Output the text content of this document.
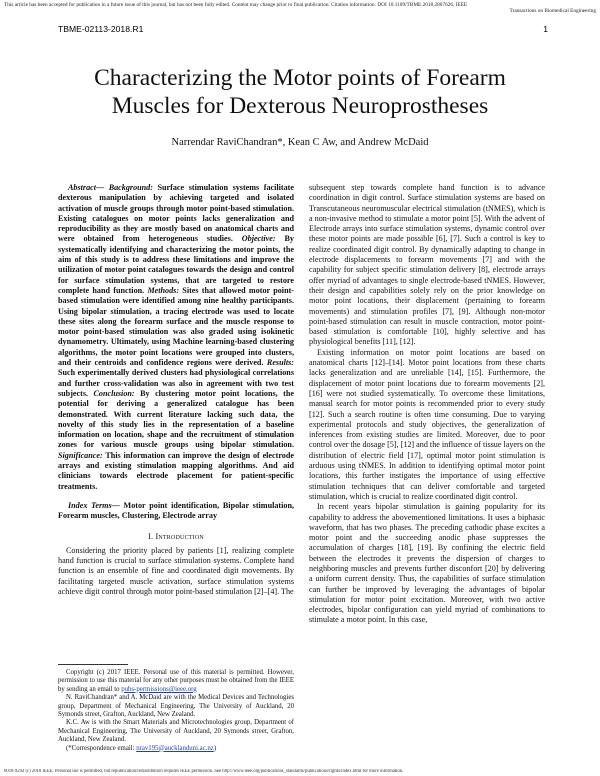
This article has been accepted for publication in a future issue of this journal, but has not been fully edited. Content may change prior to final publication. Citation information: DOI 10.1109/TBME.2018.2807626, IEEE
Transactions on Biomedical Engineering
TBME-02113-2018.R1	1
Characterizing the Motor points of Forearm Muscles for Dexterous Neuroprostheses
Narrendar RaviChandran*, Kean C Aw, and Andrew McDaid

Abstract— Background: Surface stimulation systems facilitate dexterous manipulation by achieving targeted and isolated activation of muscle groups through motor point-based stimulation. Existing catalogues on motor points lacks generalization and reproducibility as they are mostly based on anatomical charts and were obtained from heterogeneous studies. Objective: By systematically identifying and characterizing the motor points, the aim of this study is to address these limitations and improve the utilization of motor point catalogues towards the design and control for surface stimulation systems, that are targeted to restore complete hand function. Methods: Sites that allowed motor point-based stimulation were identified among nine healthy participants. Using bipolar stimulation, a tracing electrode was used to locate these sites along the forearm surface and the muscle response to motor point-based stimulation was also graded using isokinetic dynamometry. Ultimately, using Machine learning-based clustering algorithms, the motor point locations were grouped into clusters, and their centroids and confidence regions were derived. Results: Such experimentally derived clusters had physiological correlations and further cross-validation was also in agreement with two test subjects. Conclusion: By clustering motor point locations, the potential for deriving a generalized catalogue has been demonstrated. With current literature lacking such data, the novelty of this study lies in the representation of a baseline information on location, shape and the recruitment of stimulation zones for various muscle groups using bipolar stimulation. Significance: This information can improve the design of electrode arrays and existing stimulation mapping algorithms. And aid clinicians towards electrode placement for patient-specific treatments.

Index Terms— Motor point identification, Bipolar stimulation, Forearm muscles, Clustering, Electrode array

I. Introduction

Considering the priority placed by patients [1], realizing complete hand function is crucial to surface stimulation systems. Complete hand function is an ensemble of fine and coordinated digit movements. By facilitating targeted muscle activation, surface stimulation systems achieve digit control through motor point-based stimulation [2]–[4]. The

Copyright (c) 2017 IEEE. Personal use of this material is permitted. However, permission to use this material for any other purposes must be obtained from the IEEE by sending an email to pubs-permissions@ieee.org

N. RaviChandran* and A. McDaid are with the Medical Devices and Technologies group, Department of Mechanical Engineering, The University of Auckland, 20 Symonds street, Grafton, Auckland, New Zealand.

K.C. Aw is with the Smart Materials and Microtechnologies group, Department of Mechanical Engineering, The University of Auckland, 20 Symonds street, Grafton, Auckland, New Zealand.

(*Correspondence email: nrav195@aucklanduni.ac.nz)

subsequent step towards complete hand function is to advance coordination in digit control. Surface stimulation systems are based on Transcutaneous neuromuscular electrical stimulation (tNMES), which is a non-invasive method to stimulate a motor point [5]. With the advent of Electrode arrays into surface stimulation systems, dynamic control over these motor points are made possible [6], [7]. Such a control is key to realize coordinated digit control. By dynamically adapting to change in electrode displacements to forearm movements [7] and with the capability for subject specific stimulation delivery [8], electrode arrays offer myriad of advantages to single electrode-based tNMES. However, their design and capabilities solely rely on the prior knowledge on motor point locations, their displacement (pertaining to forearm movements) and stimulation profiles [7], [9]. Although non-motor point-based stimulation can result in muscle contraction, motor point-based stimulation is comfortable [10], highly selective and has physiological benefits [11], [12].

Existing information on motor point locations are based on anatomical charts [12]–[14]. Motor point locations from these charts lacks generalization and are unreliable [14], [15]. Furthermore, the displacement of motor point locations due to forearm movements [2], [16] were not studied systematically. To overcome these limitations, manual search for motor points is recommended prior to every study [12]. Such a search routine is often time consuming. Due to varying experimental protocols and study objectives, the generalization of inferences from existing studies are limited. Moreover, due to poor control over the dosage [5], [12] and the influence of tissue layers on the distribution of electric field [17], optimal motor point stimulation is arduous using tNMES. In addition to identifying optimal motor point locations, this further instigates the importance of using effective stimulation techniques that can deliver comfortable and targeted stimulation, which is crucial to realize coordinated digit control.

In recent years bipolar stimulation is gaining popularity for its capability to address the abovementioned limitations. It uses a biphasic waveform, that has two phases. The preceding cathodic phase excites a motor point and the succeeding anodic phase suppresses the accumulation of charges [18], [19]. By confining the electric field between the electrodes it prevents the dispersion of charges to neighboring muscles and prevents further disconfort [20] by delivering a uniform current density. Thus, the capabilities of surface stimulation can further be improved by leveraging the advantages of bipolar stimulation for motor point excitation. Moreover, with two active electrodes, bipolar configuration can yield myriad of combinations to stimulate a motor point. In this case,

0018-9294 (c) 2018 IEEE. Personal use is permitted, but republication/redistribution requires IEEE permission. See http://www.ieee.org/publications_standards/publications/rights/index.html for more information.
